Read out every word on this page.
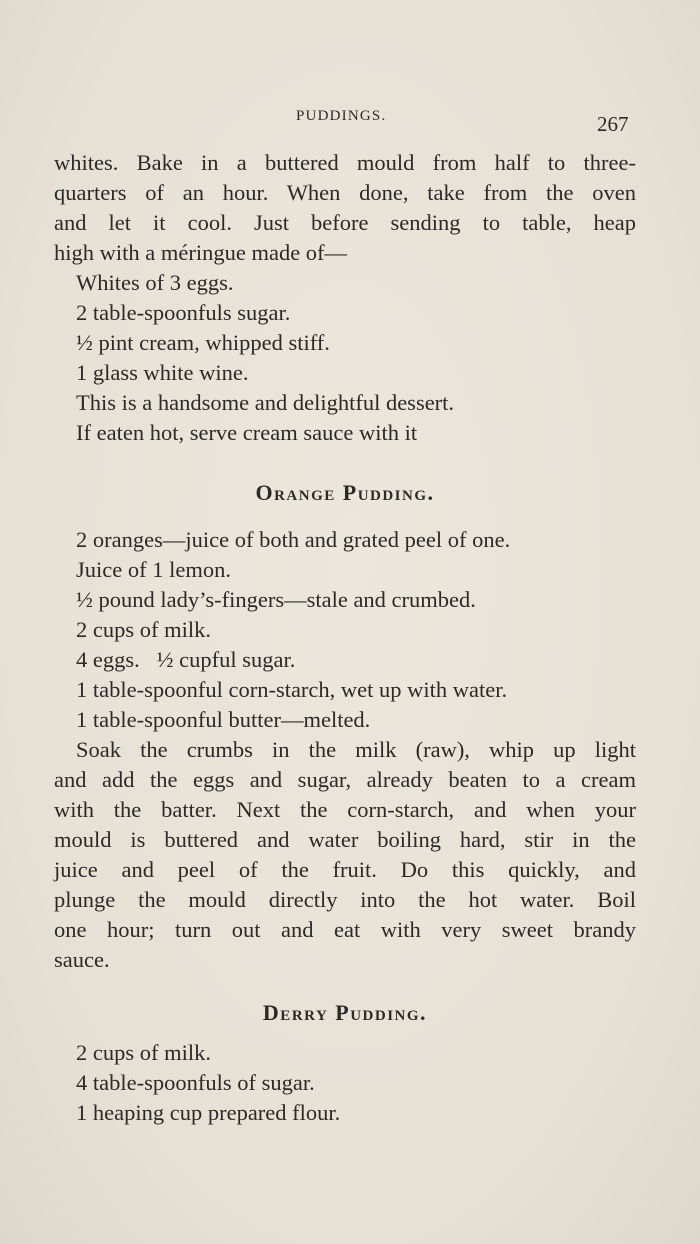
PUDDINGS.	267

whites. Bake in a buttered mould from half to three-

quarters of an hour. When done, take from the oven

and let it cool. Just before sending to table, heap

high with a méringue made of—

Whites of 3 eggs.

2 table-spoonfuls sugar.

½ pint cream, whipped stiff.

1 glass white wine.

This is a handsome and delightful dessert.

If eaten hot, serve cream sauce with it

Orange Pudding.

2 oranges—juice of both and grated peel of one.

Juice of 1 lemon.

½ pound lady’s-fingers—stale and crumbed.

2 cups of milk.

4 eggs.   ½ cupful sugar.

1 table-spoonful corn-starch, wet up with water.

1 table-spoonful butter—melted.

Soak the crumbs in the milk (raw), whip up light

and add the eggs and sugar, already beaten to a cream

with the batter. Next the corn-starch, and when your

mould is buttered and water boiling hard, stir in the

juice and peel of the fruit. Do this quickly, and

plunge the mould directly into the hot water. Boil

one hour; turn out and eat with very sweet brandy

sauce.

Derry Pudding.

2 cups of milk.

4 table-spoonfuls of sugar.

1 heaping cup prepared flour.
